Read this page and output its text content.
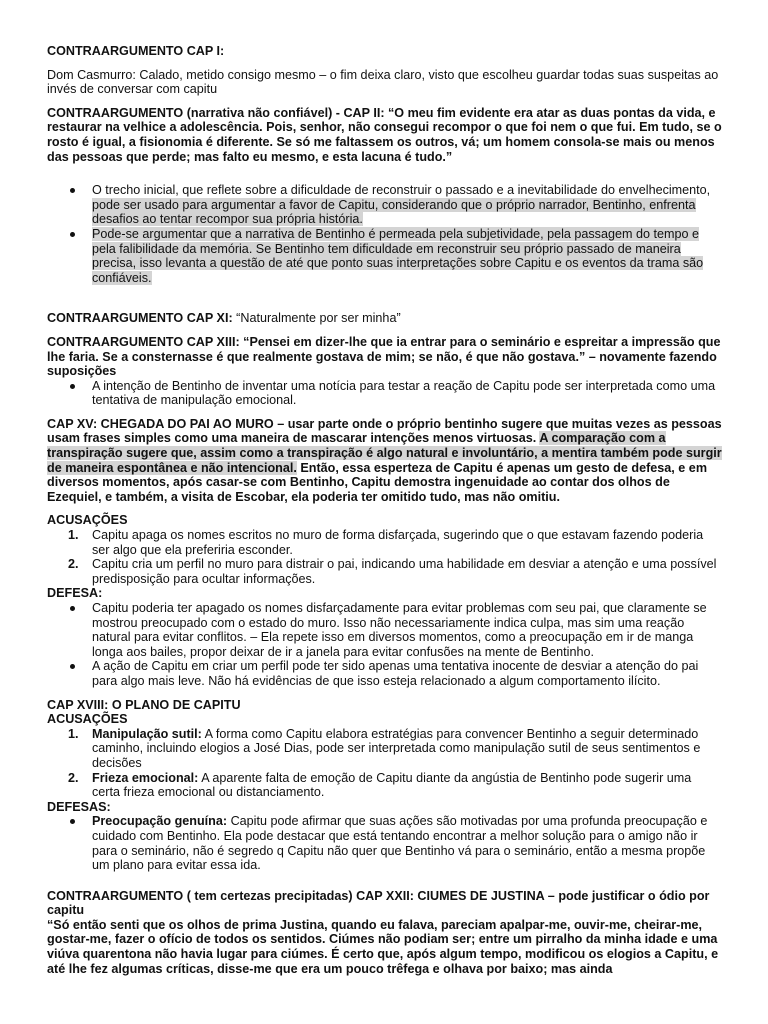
CONTRAARGUMENTO CAP I:

Dom Casmurro: Calado, metido consigo mesmo – o fim deixa claro, visto que escolheu guardar todas suas suspeitas ao invés de conversar com capitu

CONTRAARGUMENTO (narrativa não confiável) - CAP II: “O meu fim evidente era atar as duas pontas da vida, e restaurar na velhice a adolescência. Pois, senhor, não consegui recompor o que foi nem o que fui. Em tudo, se o rosto é igual, a fisionomia é diferente. Se só me faltassem os outros, vá; um homem consola-se mais ou menos das pessoas que perde; mas falto eu mesmo, e esta lacuna é tudo.”

O trecho inicial, que reflete sobre a dificuldade de reconstruir o passado e a inevitabilidade do envelhecimento, pode ser usado para argumentar a favor de Capitu, considerando que o próprio narrador, Bentinho, enfrenta desafios ao tentar recompor sua própria história.
Pode-se argumentar que a narrativa de Bentinho é permeada pela subjetividade, pela passagem do tempo e pela falibilidade da memória. Se Bentinho tem dificuldade em reconstruir seu próprio passado de maneira precisa, isso levanta a questão de até que ponto suas interpretações sobre Capitu e os eventos da trama são confiáveis.

CONTRAARGUMENTO CAP XI: “Naturalmente por ser minha”

CONTRAARGUMENTO CAP XIII: “Pensei em dizer-lhe que ia entrar para o seminário e espreitar a impressão que lhe faria. Se a consternasse é que realmente gostava de mim; se não, é que não gostava.” – novamente fazendo suposições

A intenção de Bentinho de inventar uma notícia para testar a reação de Capitu pode ser interpretada como uma tentativa de manipulação emocional.

CAP XV: CHEGADA DO PAI AO MURO – usar parte onde o próprio bentinho sugere que muitas vezes as pessoas usam frases simples como uma maneira de mascarar intenções menos virtuosas. A comparação com a transpiração sugere que, assim como a transpiração é algo natural e involuntário, a mentira também pode surgir de maneira espontânea e não intencional. Então, essa esperteza de Capitu é apenas um gesto de defesa, e em diversos momentos, após casar-se com Bentinho, Capitu demostra ingenuidade ao contar dos olhos de Ezequiel, e também, a visita de Escobar, ela poderia ter omitido tudo, mas não omitiu.

ACUSAÇÕES

1. Capitu apaga os nomes escritos no muro de forma disfarçada, sugerindo que o que estavam fazendo poderia ser algo que ela preferiria esconder.
2. Capitu cria um perfil no muro para distrair o pai, indicando uma habilidade em desviar a atenção e uma possível predisposição para ocultar informações.

DEFESA:

Capitu poderia ter apagado os nomes disfarçadamente para evitar problemas com seu pai, que claramente se mostrou preocupado com o estado do muro. Isso não necessariamente indica culpa, mas sim uma reação natural para evitar conflitos. – Ela repete isso em diversos momentos, como a preocupação em ir de manga longa aos bailes, propor deixar de ir a janela para evitar confusões na mente de Bentinho.
A ação de Capitu em criar um perfil pode ter sido apenas uma tentativa inocente de desviar a atenção do pai para algo mais leve. Não há evidências de que isso esteja relacionado a algum comportamento ilícito.

CAP XVIII: O PLANO DE CAPITU

ACUSAÇÕES

1. Manipulação sutil: A forma como Capitu elabora estratégias para convencer Bentinho a seguir determinado caminho, incluindo elogios a José Dias, pode ser interpretada como manipulação sutil de seus sentimentos e decisões
2. Frieza emocional: A aparente falta de emoção de Capitu diante da angústia de Bentinho pode sugerir uma certa frieza emocional ou distanciamento.

DEFESAS:

Preocupação genuína: Capitu pode afirmar que suas ações são motivadas por uma profunda preocupação e cuidado com Bentinho. Ela pode destacar que está tentando encontrar a melhor solução para o amigo não ir para o seminário, não é segredo q Capitu não quer que Bentinho vá para o seminário, então a mesma propõe um plano para evitar essa ida.

CONTRAARGUMENTO ( tem certezas precipitadas) CAP XXII: CIUMES DE JUSTINA – pode justificar o ódio por capitu

“Só então senti que os olhos de prima Justina, quando eu falava, pareciam apalpar-me, ouvir-me, cheirar-me, gostar-me, fazer o ofício de todos os sentidos. Ciúmes não podiam ser; entre um pirralho da minha idade e uma viúva quarentona não havia lugar para ciúmes. É certo que, após algum tempo, modificou os elogios a Capitu, e até lhe fez algumas críticas, disse-me que era um pouco trêfega e olhava por baixo; mas ainda
